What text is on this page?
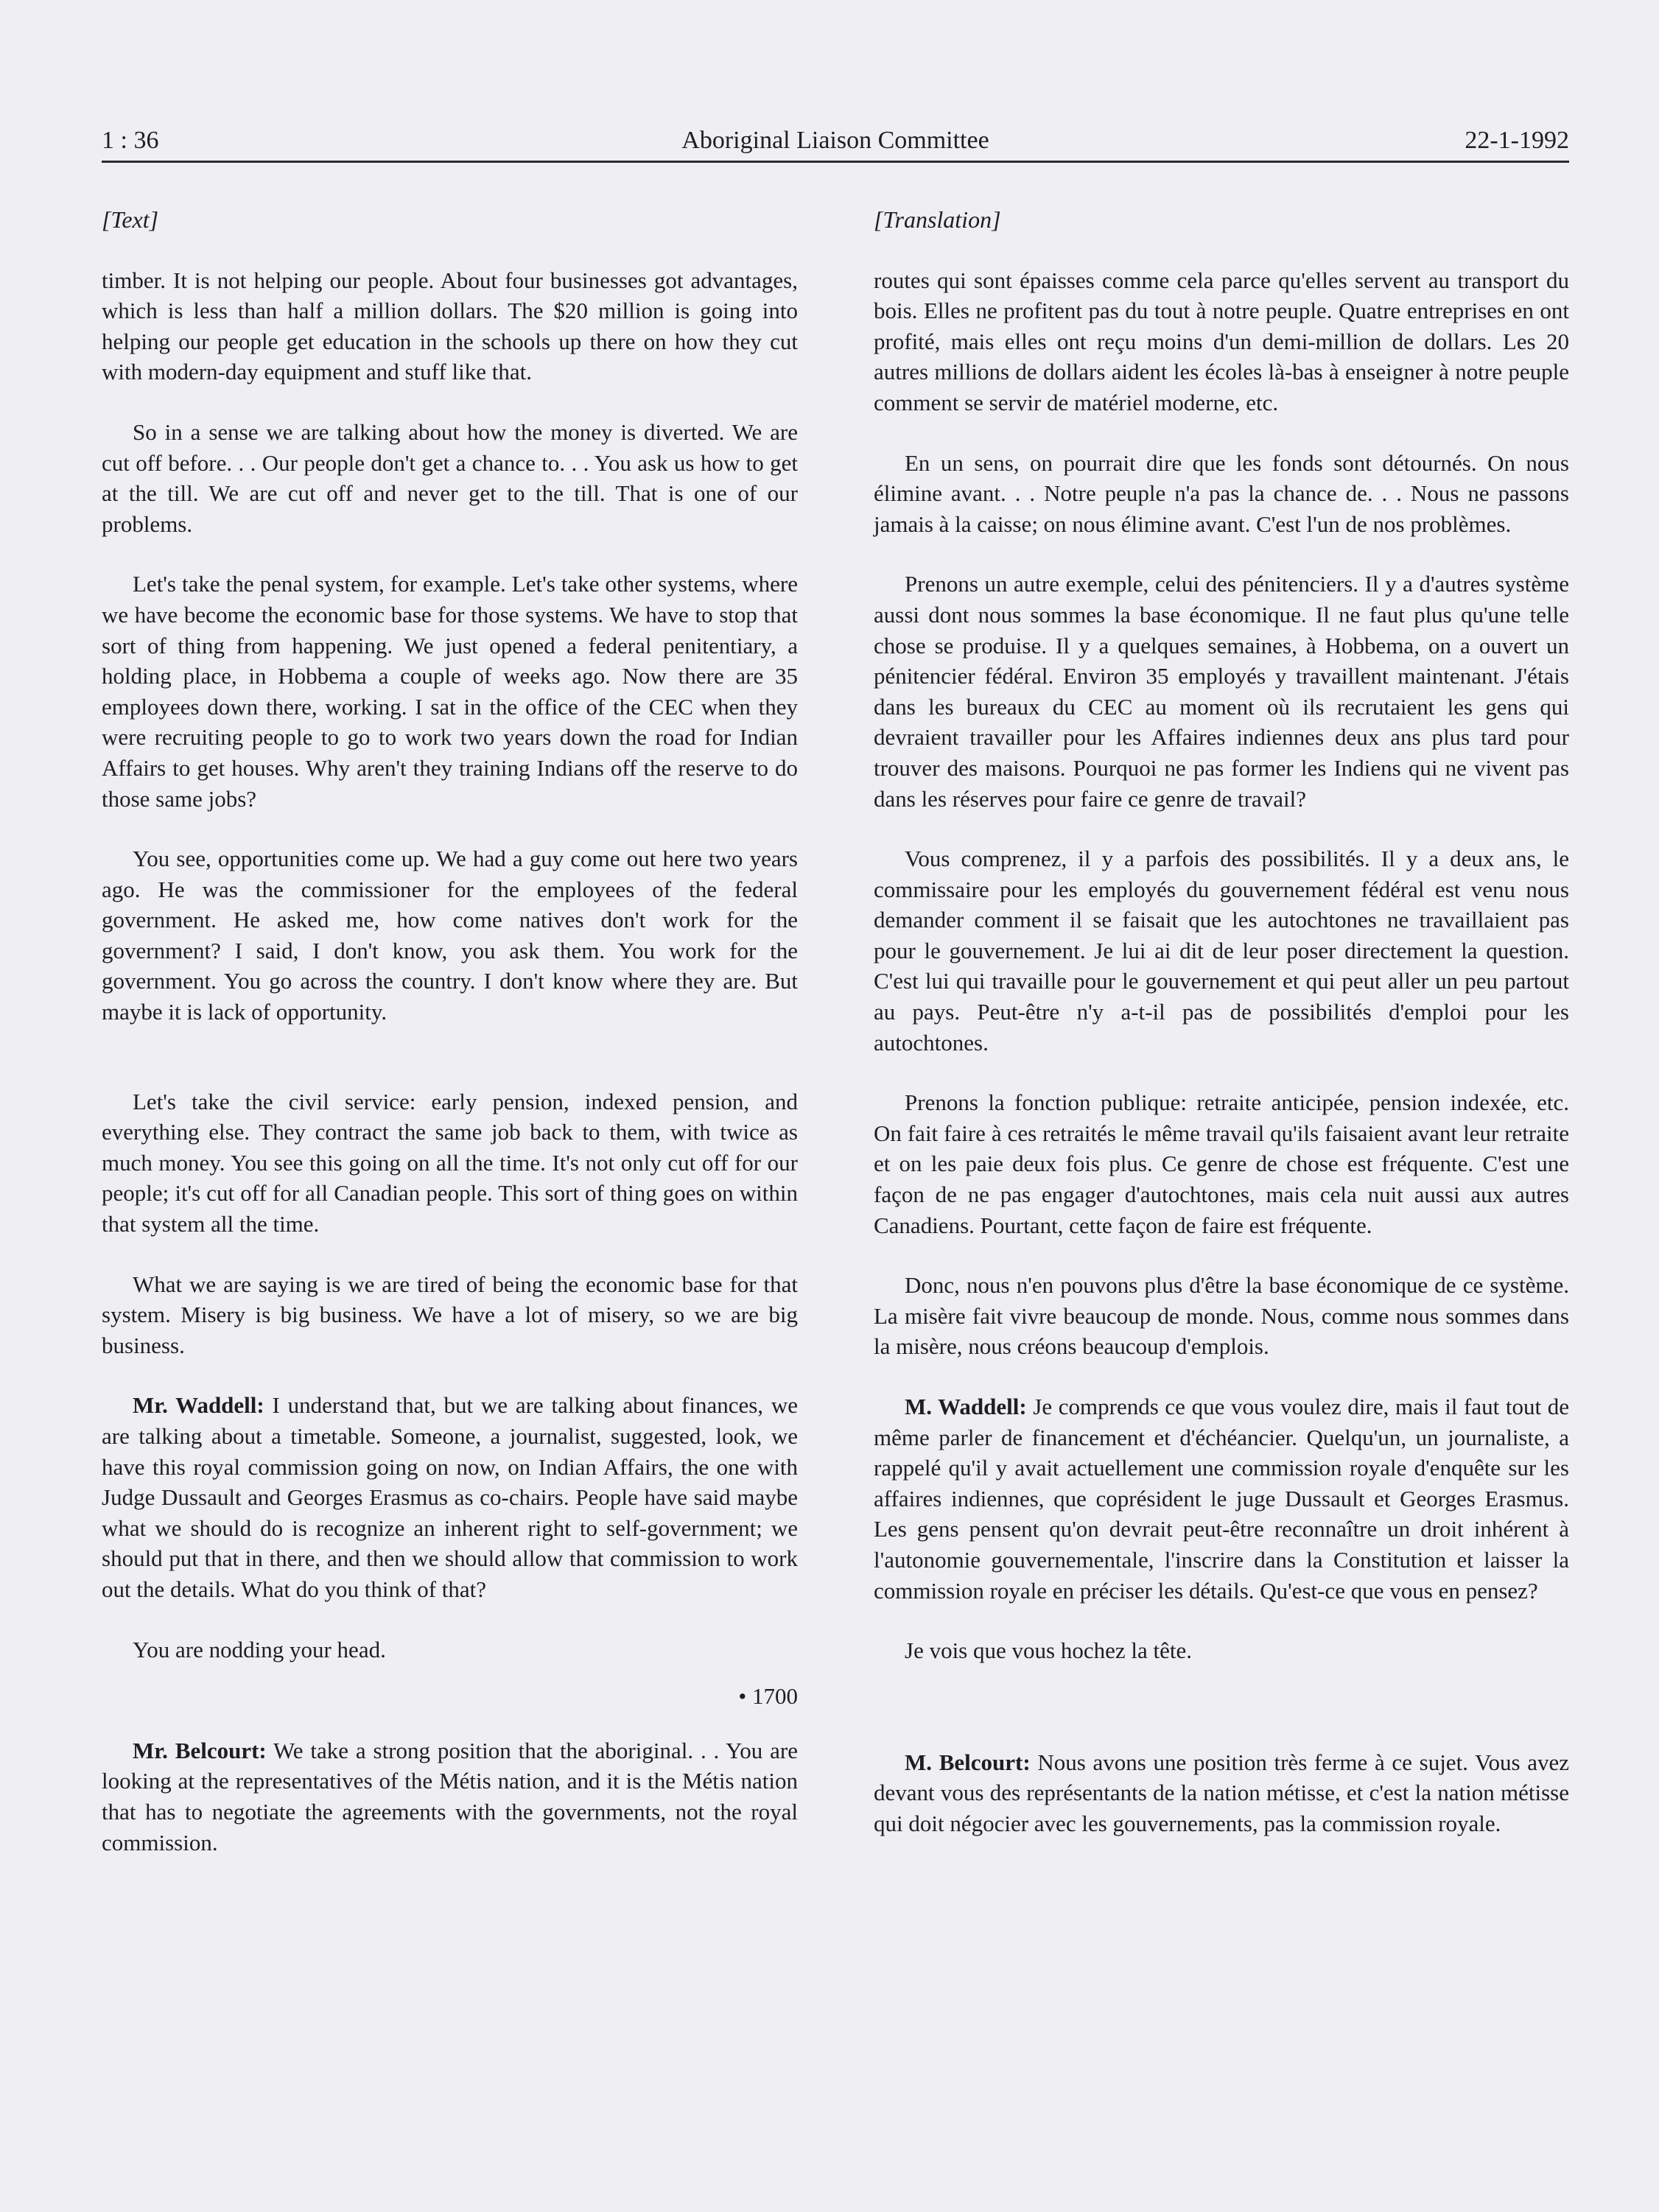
1 : 36	Aboriginal Liaison Committee	22-1-1992
[Text]

timber. It is not helping our people. About four businesses got advantages, which is less than half a million dollars. The $20 million is going into helping our people get education in the schools up there on how they cut with modern-day equipment and stuff like that.

So in a sense we are talking about how the money is diverted. We are cut off before. . . Our people don't get a chance to. . . You ask us how to get at the till. We are cut off and never get to the till. That is one of our problems.

Let's take the penal system, for example. Let's take other systems, where we have become the economic base for those systems. We have to stop that sort of thing from happening. We just opened a federal penitentiary, a holding place, in Hobbema a couple of weeks ago. Now there are 35 employees down there, working. I sat in the office of the CEC when they were recruiting people to go to work two years down the road for Indian Affairs to get houses. Why aren't they training Indians off the reserve to do those same jobs?

You see, opportunities come up. We had a guy come out here two years ago. He was the commissioner for the employees of the federal government. He asked me, how come natives don't work for the government? I said, I don't know, you ask them. You work for the government. You go across the country. I don't know where they are. But maybe it is lack of opportunity.

Let's take the civil service: early pension, indexed pension, and everything else. They contract the same job back to them, with twice as much money. You see this going on all the time. It's not only cut off for our people; it's cut off for all Canadian people. This sort of thing goes on within that system all the time.

What we are saying is we are tired of being the economic base for that system. Misery is big business. We have a lot of misery, so we are big business.

Mr. Waddell: I understand that, but we are talking about finances, we are talking about a timetable. Someone, a journalist, suggested, look, we have this royal commission going on now, on Indian Affairs, the one with Judge Dussault and Georges Erasmus as co-chairs. People have said maybe what we should do is recognize an inherent right to self-government; we should put that in there, and then we should allow that commission to work out the details. What do you think of that?

You are nodding your head.

• 1700

Mr. Belcourt: We take a strong position that the aboriginal. . . You are looking at the representatives of the Métis nation, and it is the Métis nation that has to negotiate the agreements with the governments, not the royal commission.

[Translation]

routes qui sont épaisses comme cela parce qu'elles servent au transport du bois. Elles ne profitent pas du tout à notre peuple. Quatre entreprises en ont profité, mais elles ont reçu moins d'un demi-million de dollars. Les 20 autres millions de dollars aident les écoles là-bas à enseigner à notre peuple comment se servir de matériel moderne, etc.

En un sens, on pourrait dire que les fonds sont détournés. On nous élimine avant. . . Notre peuple n'a pas la chance de. . . Nous ne passons jamais à la caisse; on nous élimine avant. C'est l'un de nos problèmes.

Prenons un autre exemple, celui des pénitenciers. Il y a d'autres système aussi dont nous sommes la base économique. Il ne faut plus qu'une telle chose se produise. Il y a quelques semaines, à Hobbema, on a ouvert un pénitencier fédéral. Environ 35 employés y travaillent maintenant. J'étais dans les bureaux du CEC au moment où ils recrutaient les gens qui devraient travailler pour les Affaires indiennes deux ans plus tard pour trouver des maisons. Pourquoi ne pas former les Indiens qui ne vivent pas dans les réserves pour faire ce genre de travail?

Vous comprenez, il y a parfois des possibilités. Il y a deux ans, le commissaire pour les employés du gouvernement fédéral est venu nous demander comment il se faisait que les autochtones ne travaillaient pas pour le gouvernement. Je lui ai dit de leur poser directement la question. C'est lui qui travaille pour le gouvernement et qui peut aller un peu partout au pays. Peut-être n'y a-t-il pas de possibilités d'emploi pour les autochtones.

Prenons la fonction publique: retraite anticipée, pension indexée, etc. On fait faire à ces retraités le même travail qu'ils faisaient avant leur retraite et on les paie deux fois plus. Ce genre de chose est fréquente. C'est une façon de ne pas engager d'autochtones, mais cela nuit aussi aux autres Canadiens. Pourtant, cette façon de faire est fréquente.

Donc, nous n'en pouvons plus d'être la base économique de ce système. La misère fait vivre beaucoup de monde. Nous, comme nous sommes dans la misère, nous créons beaucoup d'emplois.

M. Waddell: Je comprends ce que vous voulez dire, mais il faut tout de même parler de financement et d'échéancier. Quelqu'un, un journaliste, a rappelé qu'il y avait actuellement une commission royale d'enquête sur les affaires indiennes, que coprésident le juge Dussault et Georges Erasmus. Les gens pensent qu'on devrait peut-être reconnaître un droit inhérent à l'autonomie gouvernementale, l'inscrire dans la Constitution et laisser la commission royale en préciser les détails. Qu'est-ce que vous en pensez?

Je vois que vous hochez la tête.

M. Belcourt: Nous avons une position très ferme à ce sujet. Vous avez devant vous des représentants de la nation métisse, et c'est la nation métisse qui doit négocier avec les gouvernements, pas la commission royale.
